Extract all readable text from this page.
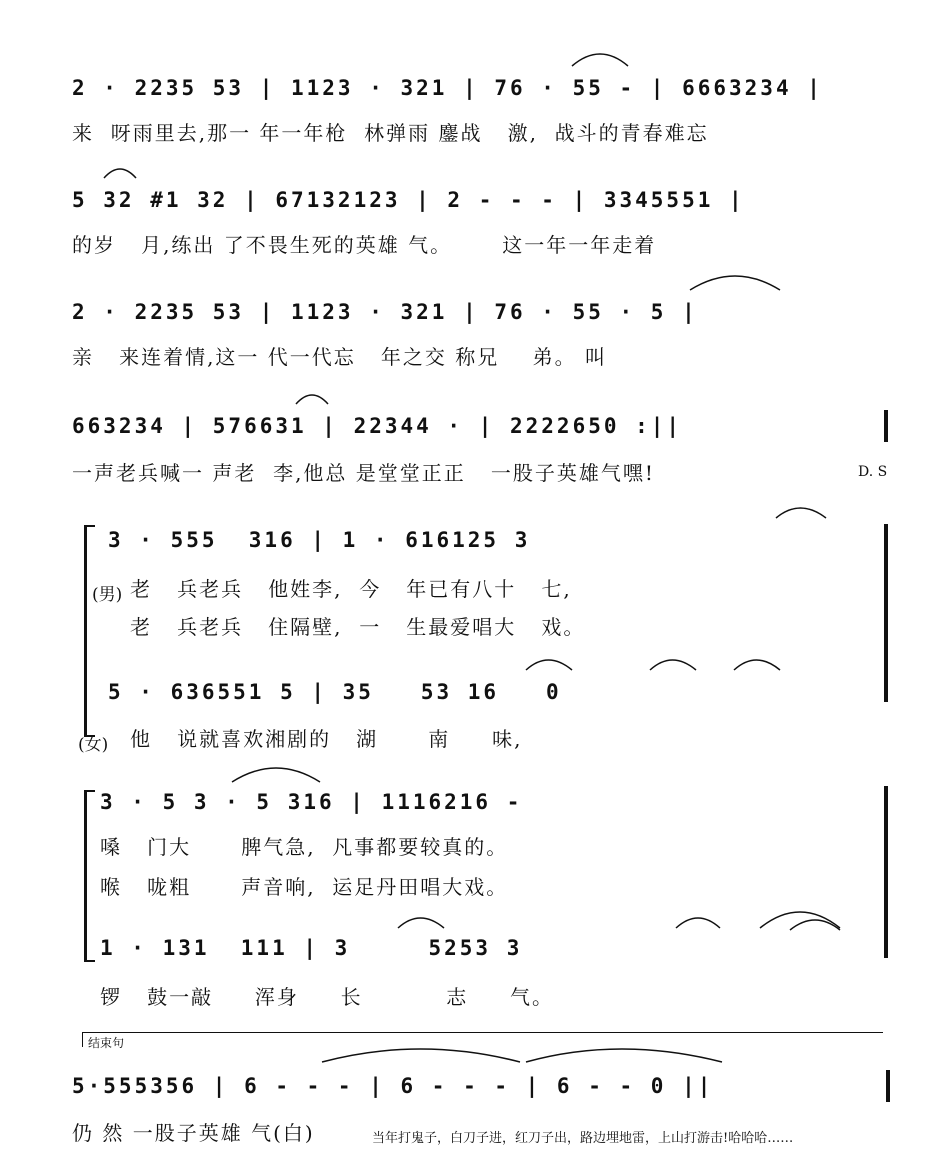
2 · 2235 53 | 1123 · 321 | 76 · 55 - | 6663234 |
来  呀雨里去,那一 年一年枪  林弹雨 鏖战   激,  战斗的青春难忘
5 32 #1 32 | 67132123 | 2 - - - | 3345551 |
的岁   月,练出 了不畏生死的英雄 气。      这一年一年走着
2 · 2235 53 | 1123 · 321 | 76 · 55 · 5 |
亲   来连着情,这一 代一代忘   年之交 称兄    弟。 叫
663234 | 576631 | 22344 · | 2222650 :||
一声老兵喊一 声老  李,他总 是堂堂正正   一股子英雄气嘿!	D. S
3 · 555  316 | 1 · 616125 3
(男) 老   兵老兵   他姓李,  今   年已有八十   七,
老   兵老兵   住隔壁,  一   生最爱唱大   戏。
5 · 636551 5 | 35   53 16   0
(女) 他   说就喜欢湘剧的   湖      南     味,
3 · 5 3 · 5 316 | 1116216 -
嗓   门大      脾气急,  凡事都要较真的。
喉   咙粗      声音响,  运足丹田唱大戏。
1 · 131  111 | 3     5253 3
锣   鼓一敲     浑身     长          志     气。
结束句
5·555356 | 6 - - - | 6 - - - | 6 - - 0 ||
仍 然 一股子英雄 气(白)	当年打鬼子，白刀子进，红刀子出，路边埋地雷，上山打游击!哈哈哈……
